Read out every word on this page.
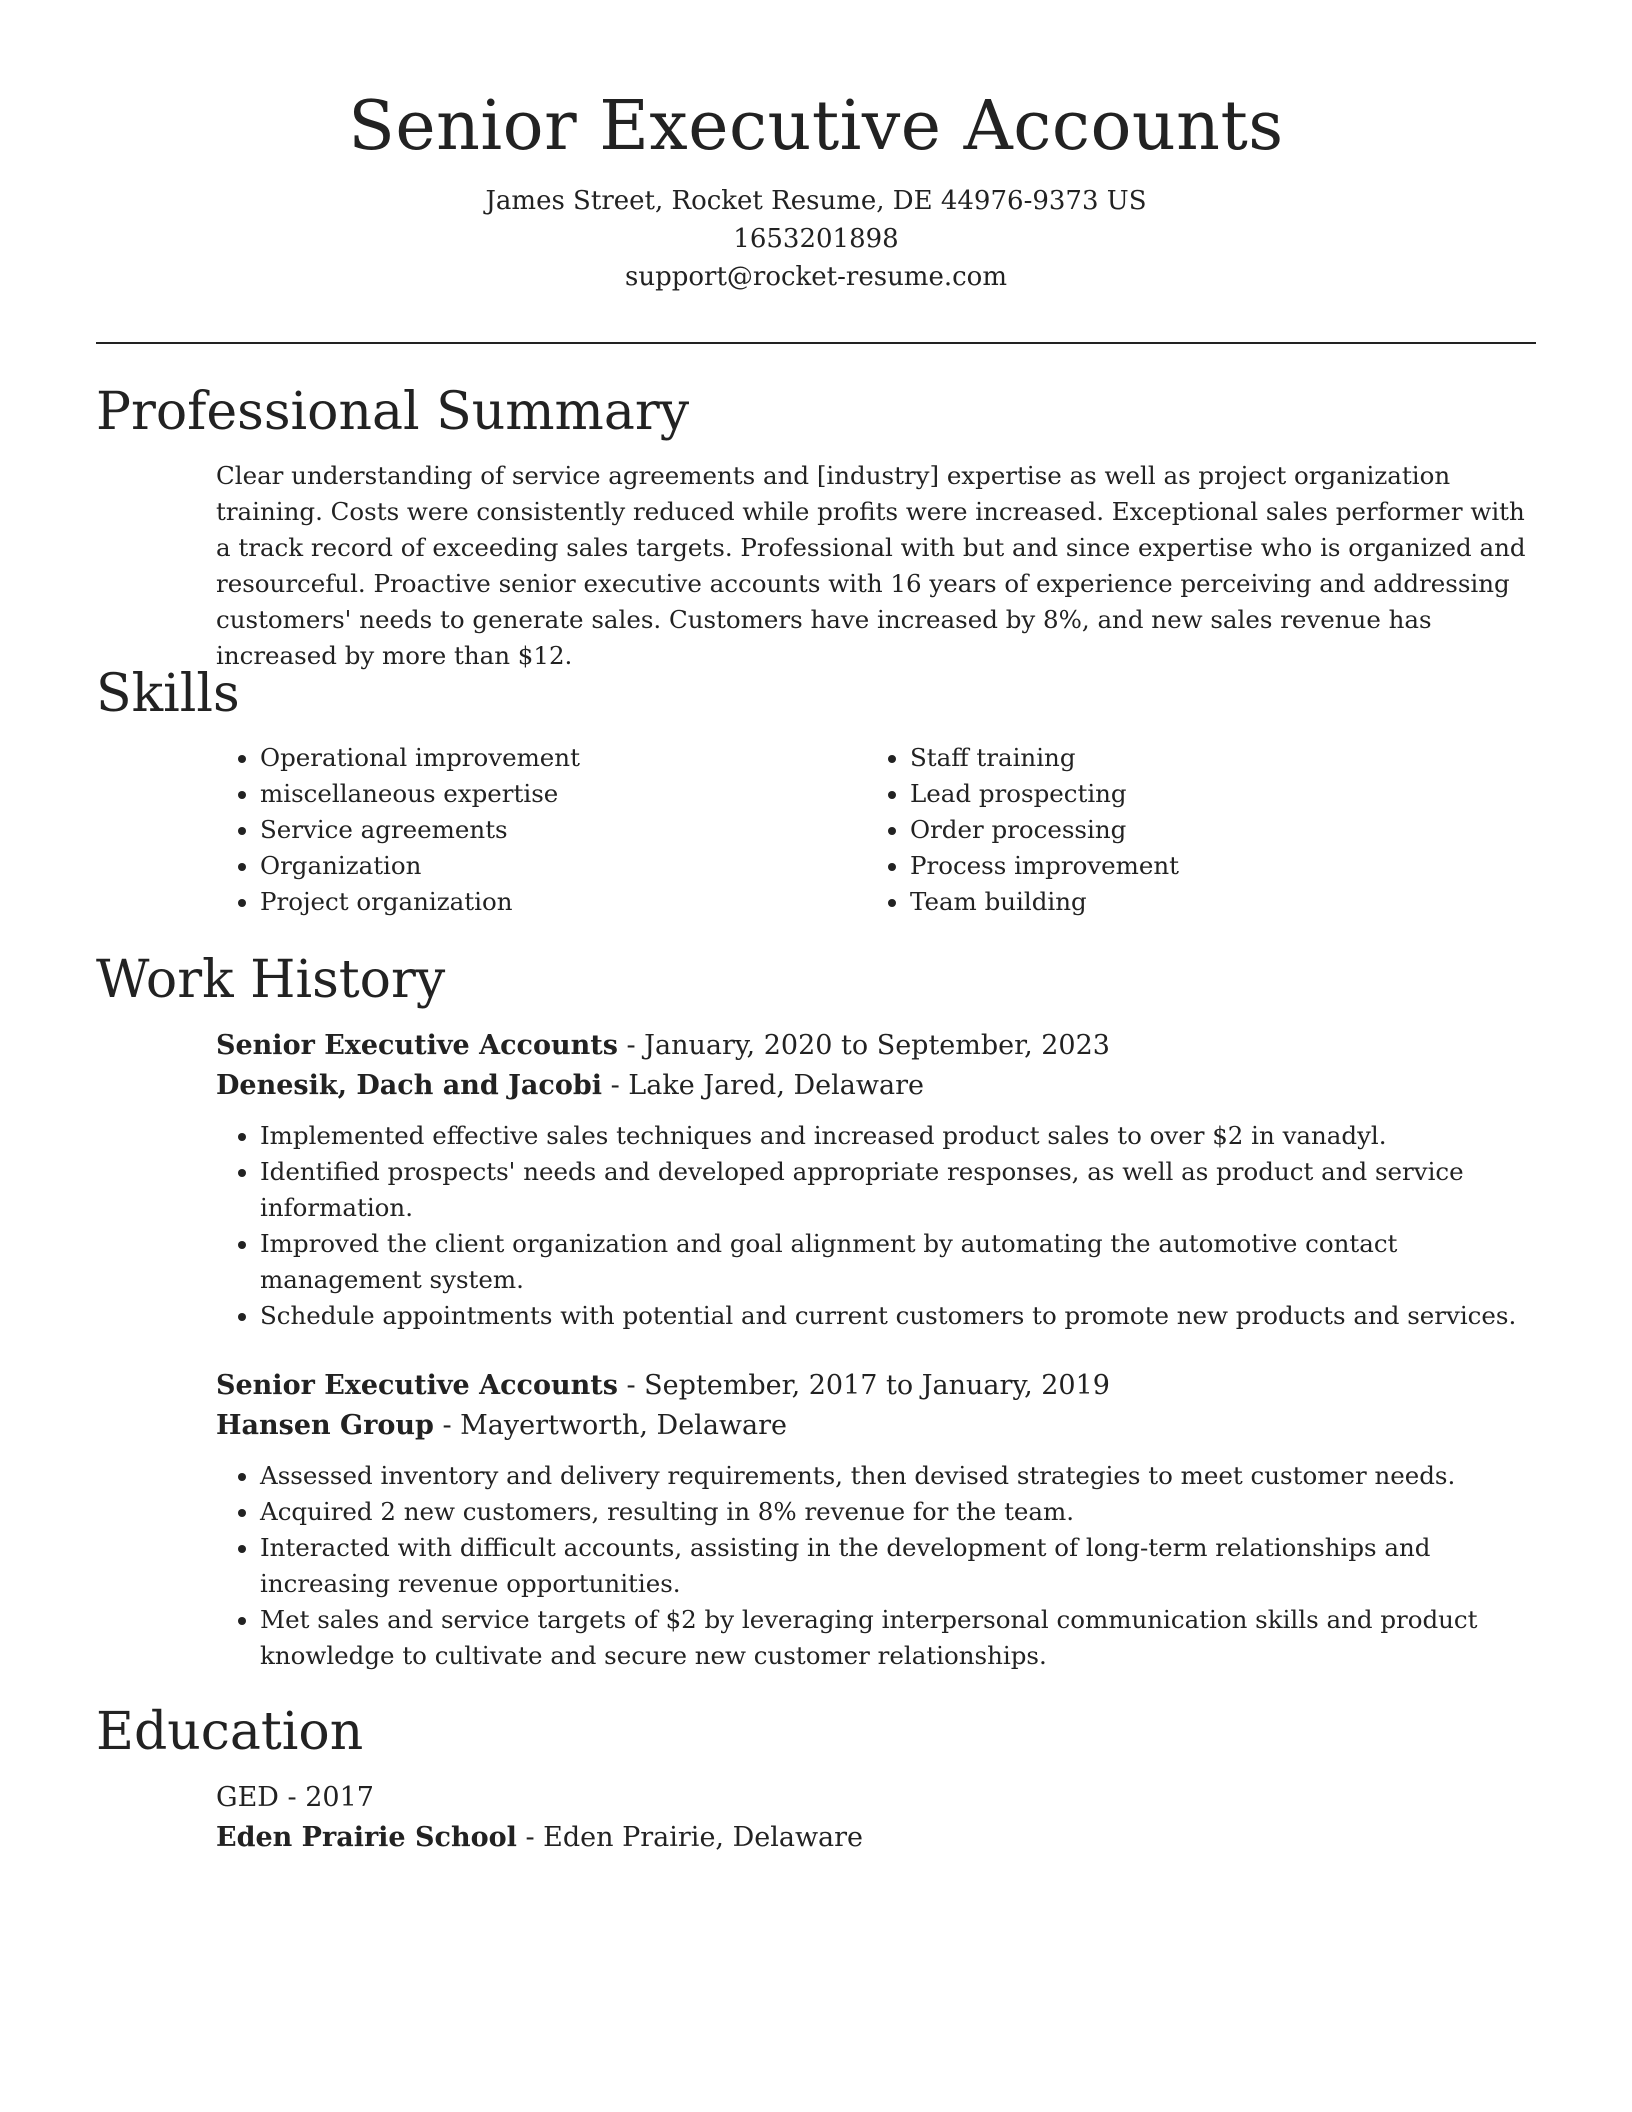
Senior Executive Accounts
James Street, Rocket Resume, DE 44976-9373 US
1653201898
support@rocket-resume.com
Professional Summary

Clear understanding of service agreements and [industry] expertise as well as project organization training. Costs were consistently reduced while profits were increased. Exceptional sales performer with a track record of exceeding sales targets. Professional with but and since expertise who is organized and resourceful. Proactive senior executive accounts with 16 years of experience perceiving and addressing customers' needs to generate sales. Customers have increased by 8%, and new sales revenue has increased by more than $12.

Skills
• Operational improvement
• miscellaneous expertise
• Service agreements
• Organization
• Project organization
• Staff training
• Lead prospecting
• Order processing
• Process improvement
• Team building
Work History
Senior Executive Accounts - January, 2020 to September, 2023
Denesik, Dach and Jacobi - Lake Jared, Delaware
• Implemented effective sales techniques and increased product sales to over $2 in vanadyl.
• Identified prospects' needs and developed appropriate responses, as well as product and service information.
• Improved the client organization and goal alignment by automating the automotive contact management system.
• Schedule appointments with potential and current customers to promote new products and services.
Senior Executive Accounts - September, 2017 to January, 2019
Hansen Group - Mayertworth, Delaware
• Assessed inventory and delivery requirements, then devised strategies to meet customer needs.
• Acquired 2 new customers, resulting in 8% revenue for the team.
• Interacted with difficult accounts, assisting in the development of long-term relationships and increasing revenue opportunities.
• Met sales and service targets of $2 by leveraging interpersonal communication skills and product knowledge to cultivate and secure new customer relationships.
Education
GED - 2017
Eden Prairie School - Eden Prairie, Delaware
